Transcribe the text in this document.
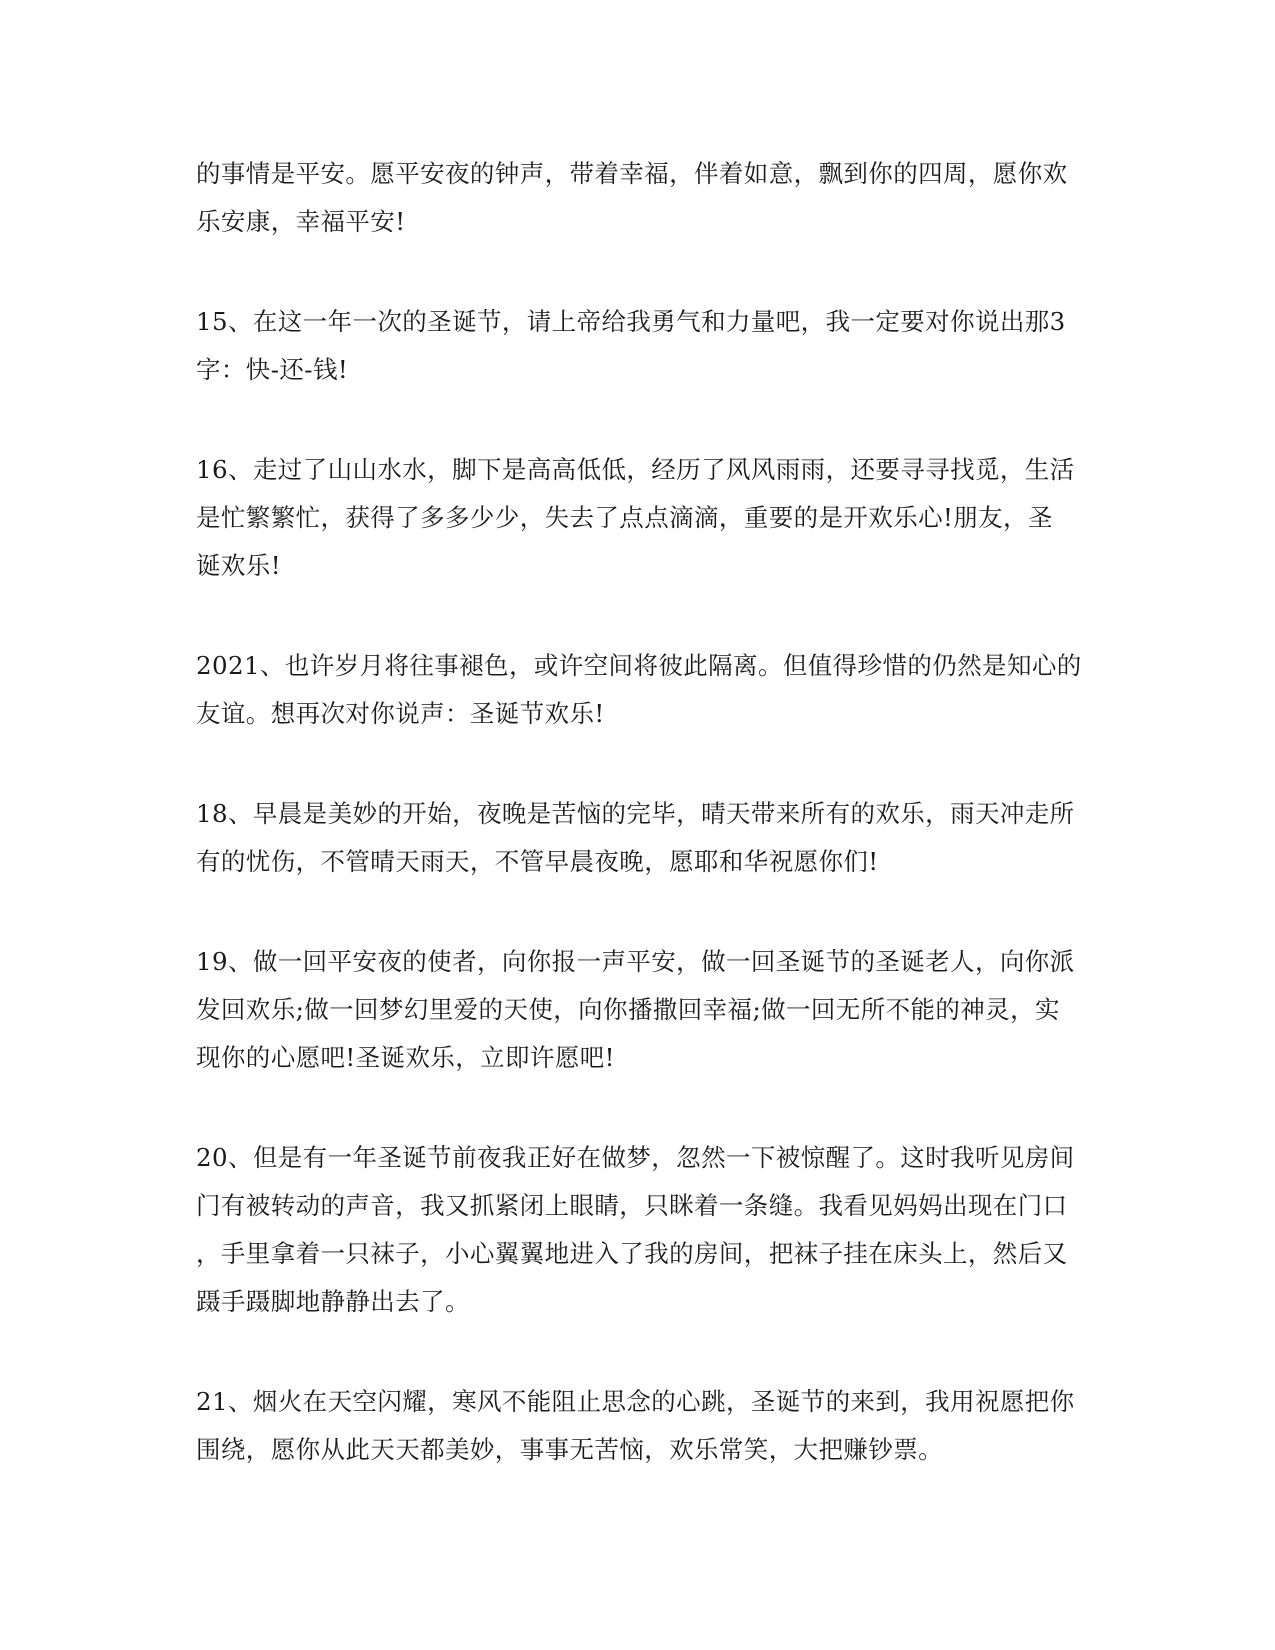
的事情是平安。愿平安夜的钟声，带着幸福，伴着如意，飘到你的四周，愿你欢
乐安康，幸福平安!

15、在这一年一次的圣诞节，请上帝给我勇气和力量吧，我一定要对你说出那3
字：快-还-钱!

16、走过了山山水水，脚下是高高低低，经历了风风雨雨，还要寻寻找觅，生活
是忙繁繁忙，获得了多多少少，失去了点点滴滴，重要的是开欢乐心!朋友，圣
诞欢乐!

2021、也许岁月将往事褪色，或许空间将彼此隔离。但值得珍惜的仍然是知心的
友谊。想再次对你说声：圣诞节欢乐!

18、早晨是美妙的开始，夜晚是苦恼的完毕，晴天带来所有的欢乐，雨天冲走所
有的忧伤，不管晴天雨天，不管早晨夜晚，愿耶和华祝愿你们!

19、做一回平安夜的使者，向你报一声平安，做一回圣诞节的圣诞老人，向你派
发回欢乐;做一回梦幻里爱的天使，向你播撒回幸福;做一回无所不能的神灵，实
现你的心愿吧!圣诞欢乐，立即许愿吧!

20、但是有一年圣诞节前夜我正好在做梦，忽然一下被惊醒了。这时我听见房间
门有被转动的声音，我又抓紧闭上眼睛，只眯着一条缝。我看见妈妈出现在门口
，手里拿着一只袜子，小心翼翼地进入了我的房间，把袜子挂在床头上，然后又
蹑手蹑脚地静静出去了。

21、烟火在天空闪耀，寒风不能阻止思念的心跳，圣诞节的来到，我用祝愿把你
围绕，愿你从此天天都美妙，事事无苦恼，欢乐常笑，大把赚钞票。
